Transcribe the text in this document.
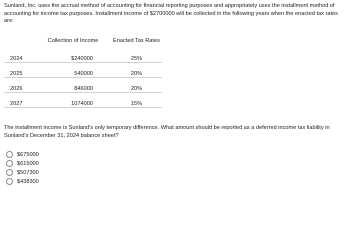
Sunland, Inc. uses the accrual method of accounting for financial reporting purposes and appropriately uses the installment method of accounting for income tax purposes. Installment income of $2700000 will be collected in the following years when the enacted tax rates are:

	Collection of Income	Enacted Tax Rates
2024	$240000	25%
2025	540000	20%
2026	846000	20%
2027	1074000	15%

The installment income is Sunland's only temporary difference. What amount should be reported as a deferred income tax liability in Sunland's December 31, 2024 balance sheet?

$675000
$615000
$507300
$438300
